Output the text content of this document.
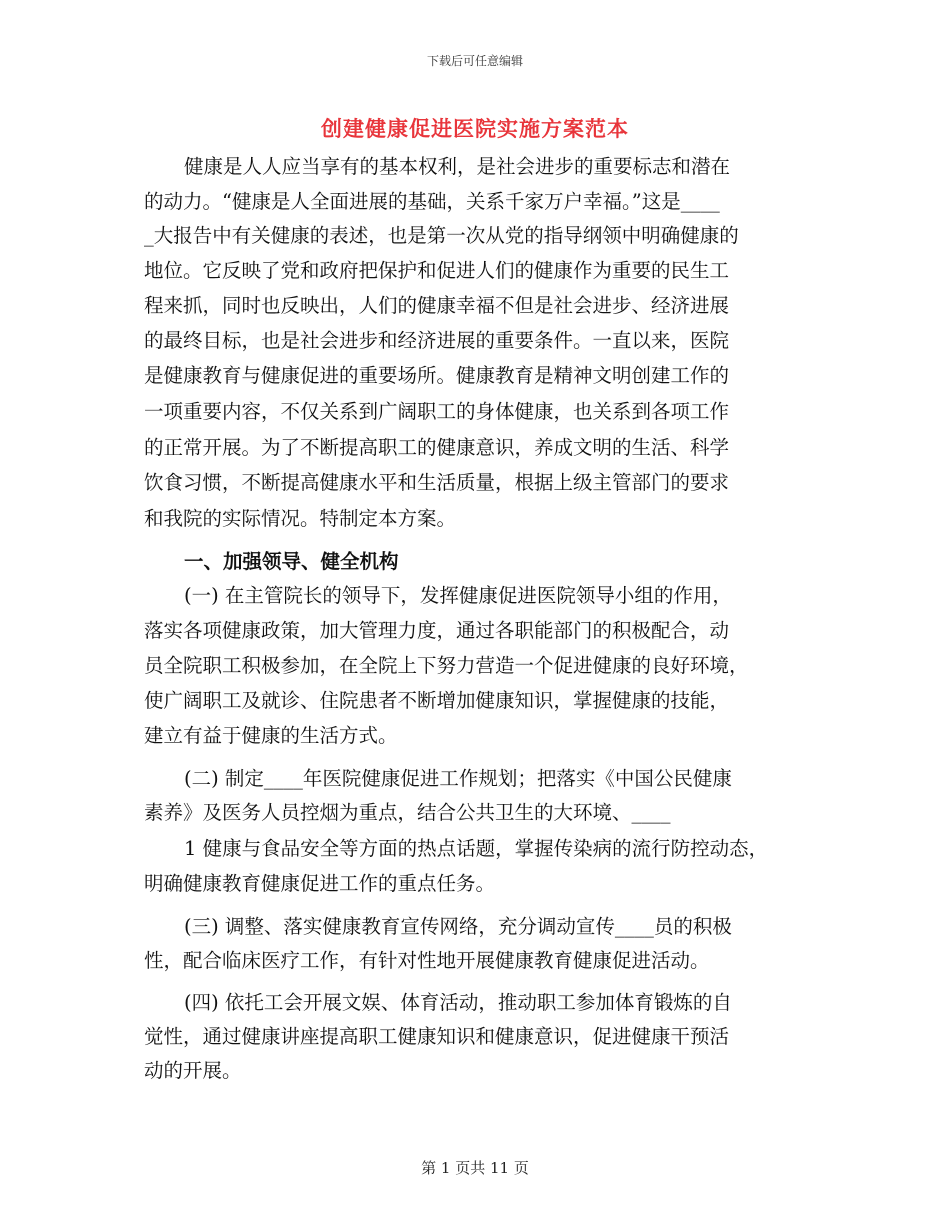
下载后可任意编辑
创建健康促进医院实施方案范本
健康是人人应当享有的基本权利，是社会进步的重要标志和潜在
的动力。“健康是人全面进展的基础，关系千家万户幸福。”这是____
_大报告中有关健康的表述，也是第一次从党的指导纲领中明确健康的
地位。它反映了党和政府把保护和促进人们的健康作为重要的民生工
程来抓，同时也反映出，人们的健康幸福不但是社会进步、经济进展
的最终目标，也是社会进步和经济进展的重要条件。一直以来，医院
是健康教育与健康促进的重要场所。健康教育是精神文明创建工作的
一项重要内容，不仅关系到广阔职工的身体健康，也关系到各项工作
的正常开展。为了不断提高职工的健康意识，养成文明的生活、科学
饮食习惯，不断提高健康水平和生活质量，根据上级主管部门的要求
和我院的实际情况。特制定本方案。
一、加强领导、健全机构
(一) 在主管院长的领导下，发挥健康促进医院领导小组的作用，
落实各项健康政策，加大管理力度，通过各职能部门的积极配合，动
员全院职工积极参加，在全院上下努力营造一个促进健康的良好环境，
使广阔职工及就诊、住院患者不断增加健康知识，掌握健康的技能，
建立有益于健康的生活方式。
(二) 制定____年医院健康促进工作规划；把落实《中国公民健康
素养》及医务人员控烟为重点，结合公共卫生的大环境、____
1 健康与食品安全等方面的热点话题，掌握传染病的流行防控动态，
明确健康教育健康促进工作的重点任务。
(三) 调整、落实健康教育宣传网络，充分调动宣传____员的积极
性，配合临床医疗工作，有针对性地开展健康教育健康促进活动。
(四) 依托工会开展文娱、体育活动，推动职工参加体育锻炼的自
觉性，通过健康讲座提高职工健康知识和健康意识，促进健康干预活
动的开展。
第 1 页共 11 页
